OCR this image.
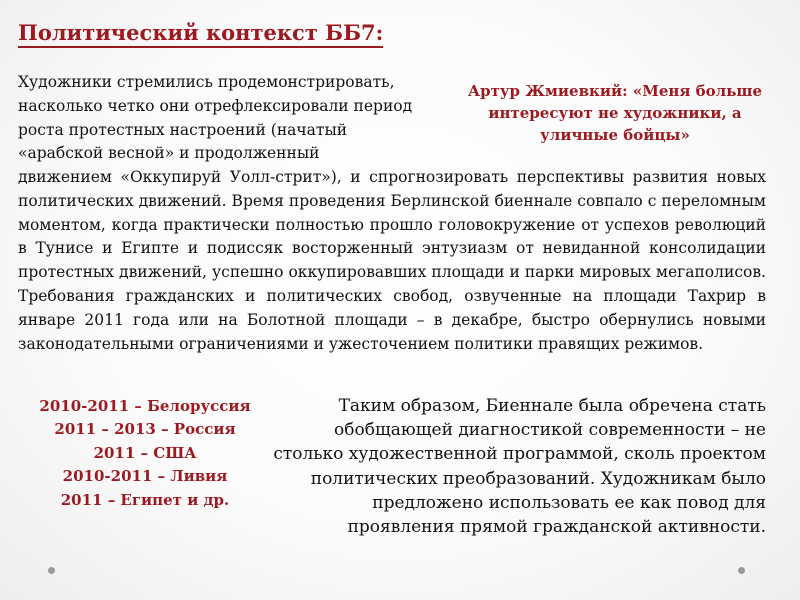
Политический контекст ББ7:

Художники стремились продемонстрировать, насколько четко они отрефлексировали период роста протестных настроений (начатый «арабской весной» и продолженный

Артур Жмиевкий: «Меня больше интересуют не художники, а уличные бойцы»

движением «Оккупируй Уолл-стрит»), и спрогнозировать перспективы развития новых политических движений. Время проведения Берлинской биеннале совпало с переломным моментом, когда практически полностью прошло головокружение от успехов революций в Тунисе и Египте и подиссяк восторженный энтузиазм от невиданной консолидации протестных движений, успешно оккупировавших площади и парки мировых мегаполисов. Требования гражданских и политических свобод, озвученные на площади Тахрир в январе 2011 года или на Болотной площади – в декабре, быстро обернулись новыми законодательными ограничениями и ужесточением политики правящих режимов.

2010-2011 – Белоруссия
2011 – 2013 – Россия
2011 – США
2010-2011 – Ливия
2011 – Египет и др.

Таким образом, Биеннале была обречена стать обобщающей диагностикой современности – не столько художественной программой, сколь проектом политических преобразований. Художникам было предложено использовать ее как повод для проявления прямой гражданской активности.
